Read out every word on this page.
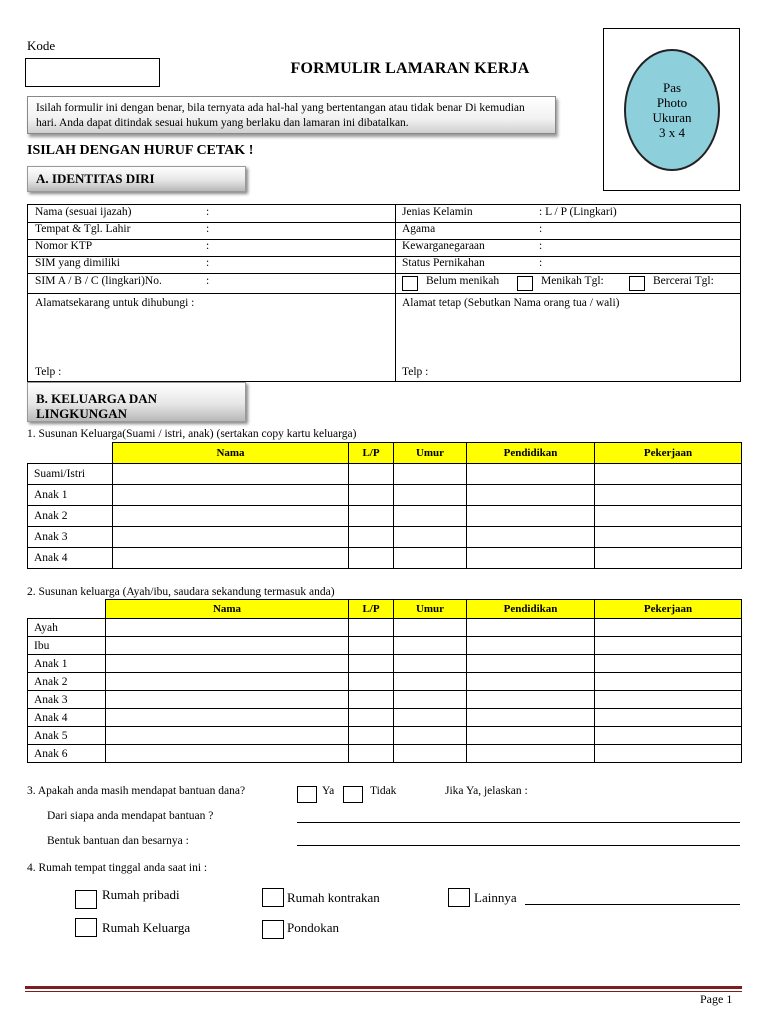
Kode
FORMULIR LAMARAN KERJA
Pas
Photo
Ukuran
3 x 4
Isilah formulir ini dengan benar, bila ternyata ada hal-hal yang bertentangan atau tidak benar Di kemudian hari. Anda dapat ditindak sesuai hukum yang berlaku dan lamaran ini dibatalkan.
ISILAH DENGAN HURUF CETAK !
A. IDENTITAS DIRI
Nama (sesuai ijazah)	:	Jenias Kelamin	: L / P (Lingkari)
Tempat & Tgl. Lahir	:	Agama	:
Nomor KTP	:	Kewarganegaraan	:
SIM yang dimiliki	:	Status Pernikahan	:
SIM A / B / C (lingkari)No.	:	Belum menikah	Menikah Tgl:	Bercerai Tgl:
Alamatsekarang untuk dihubungi :	Alamat tetap (Sebutkan Nama orang tua / wali)
Telp :	Telp :
B. KELUARGA DAN LINGKUNGAN
1. Susunan Keluarga(Suami / istri, anak) (sertakan copy kartu keluarga)
	Nama	L/P	Umur	Pendidikan	Pekerjaan
Suami/Istri					
Anak 1					
Anak 2					
Anak 3					
Anak 4					
2. Susunan keluarga (Ayah/ibu, saudara sekandung termasuk anda)
	Nama	L/P	Umur	Pendidikan	Pekerjaan
Ayah					
Ibu					
Anak 1					
Anak 2					
Anak 3					
Anak 4					
Anak 5					
Anak 6					
3. Apakah anda masih mendapat bantuan dana?	Ya	Tidak	Jika Ya, jelaskan :
Dari siapa anda mendapat bantuan ?
Bentuk bantuan dan besarnya :
4. Rumah tempat tinggal anda saat ini :
Rumah pribadi	Rumah kontrakan	Lainnya
Rumah Keluarga	Pondokan
Page 1
